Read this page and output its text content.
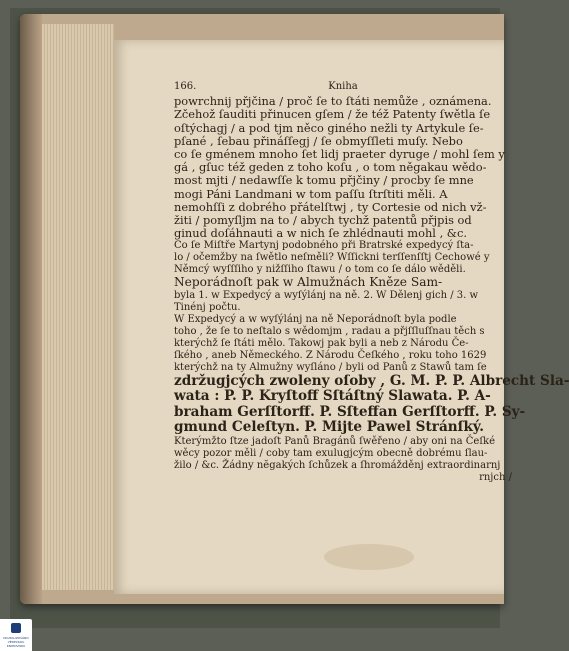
166.	Kniha
powrchnij přjčina / proč ſe to ſtáti nemůže , oznámena.
Zčehož ſauditi přinucen gſem / že též Patenty ſwětla ſe
oſtýchagj / a pod tjm něco giného nežli ty Artykule ſe-
pſané , ſebau přináſſegj / ſe obmyſſleti muſy. Nebo
co ſe gménem mnoho ſet lidj praeter dyruge / mohl ſem y
gá , gſuc též geden z toho koſu , o tom něgakau wědo-
most mjti / nedawſſe k tomu přjčiny / procby ſe mne
mogi Páni Landmani w tom paſſu ſtrſtiti měli. A
nemohſſi z dobrého přátelſtwj , ty Cortesie od nich vž-
žiti / pomyſljm na to / abych tychž patentů přjpis od
ginud doſáhnauti a w nich ſe zhlédnauti mohl , &c.
Co ſe Miſtře Martynj podobného při Bratrské expedycý ſta-
lo / očemžby na ſwětlo neſměli? Wſſickni terſſenſſtj Cechowé y
Němcý wyſſſiho y nižſſiho ſtawu / o tom co ſe dálo wěděli.
Neporádnoſt pak w Almužnách Kněze Sam-
byla 1. w Expedycý a wyſýlánj na ně. 2. W Dělenj gich / 3. w
Tinénj počtu.
W Expedycý a w wyſýlánj na ně Neporádnoſt byla podle
toho , že ſe to neſtalo s wědomjm , radau a přjſſluſſnau těch s
kterýchž ſe ſtáti mělo. Takowj pak byli a neb z Národu Če-
ſkého , aneb Německého. Z Národu Čeſkého , roku toho 1629
kterýchž na ty Almužny wyſláno / byli od Panů z Stawů tam ſe
zdržugjcých zwoleny oſoby , G. M. P. P. Albrecht Sla-
wata : P. P. Kryſtoff Sſtáſtný Slawata. P. A-
braham Gerſſtorff. P. Sſteffan Gerſſtorff. P. Sy-
gmund Celeſtyn. P. Mijte Pawel Stránſký.
Kterýmžto ſtze jadoſt Panů Bragánů ſwěřeno / aby oni na Čeſké
wěcy pozor měli / coby tam exulugjcým obecně dobrému ſlau-
žilo / &c. Žádny nĕgakých ſchůzek a ſhromážděnj extraordinarnj
rnjch /
DIGITALIZOVÁNO VĚDECKOU KNIHOVNOU
